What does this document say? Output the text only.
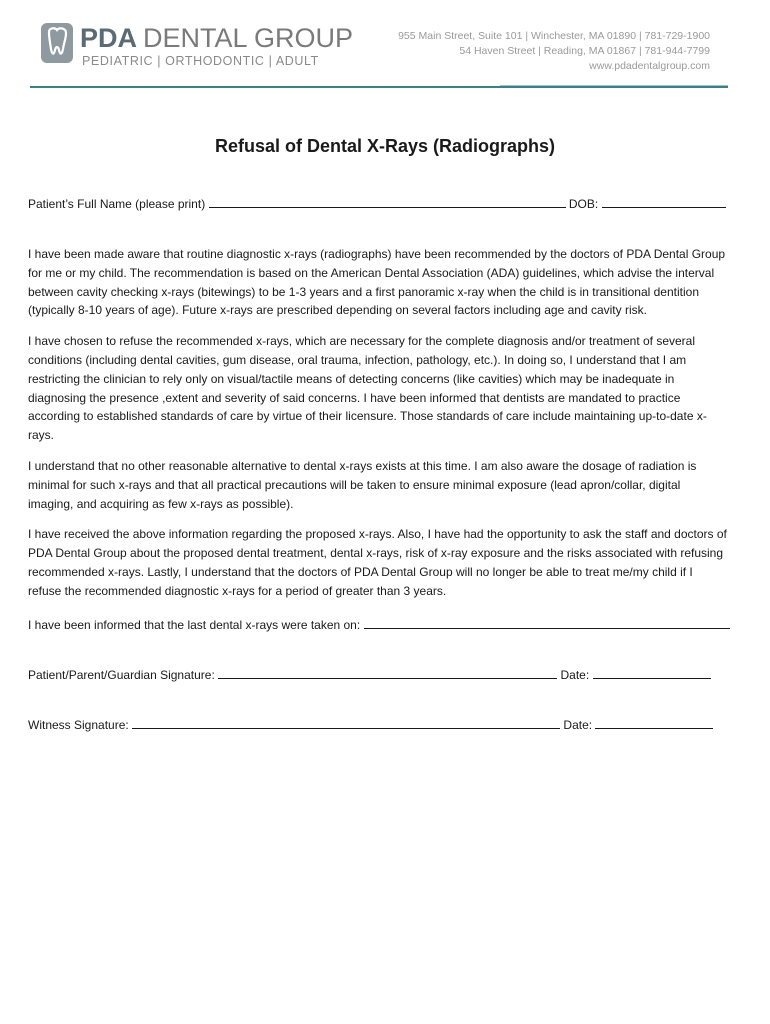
PDA DENTAL GROUP
PEDIATRIC | ORTHODONTIC | ADULT
955 Main Street, Suite 101 | Winchester, MA 01890 | 781-729-1900
54 Haven Street | Reading, MA 01867 | 781-944-7799
www.pdadentalgroup.com
Refusal of Dental X-Rays (Radiographs)
Patient’s Full Name (please print)	DOB:

I have been made aware that routine diagnostic x-rays (radiographs) have been recommended by the doctors of PDA Dental Group for me or my child. The recommendation is based on the American Dental Association (ADA) guidelines, which advise the interval between cavity checking x-rays (bitewings) to be 1-3 years and a first panoramic x-ray when the child is in transitional dentition (typically 8-10 years of age). Future x-rays are prescribed depending on several factors including age and cavity risk.

I have chosen to refuse the recommended x-rays, which are necessary for the complete diagnosis and/or treatment of several conditions (including dental cavities, gum disease, oral trauma, infection, pathology, etc.). In doing so, I understand that I am restricting the clinician to rely only on visual/tactile means of detecting concerns (like cavities) which may be inadequate in diagnosing the presence ,extent and severity of said concerns. I have been informed that dentists are mandated to practice according to established standards of care by virtue of their licensure. Those standards of care include maintaining up-to-date x-rays.

I understand that no other reasonable alternative to dental x-rays exists at this time. I am also aware the dosage of radiation is minimal for such x-rays and that all practical precautions will be taken to ensure minimal exposure (lead apron/collar, digital imaging, and acquiring as few x-rays as possible).

I have received the above information regarding the proposed x-rays. Also, I have had the opportunity to ask the staff and doctors of PDA Dental Group about the proposed dental treatment, dental x-rays, risk of x-ray exposure and the risks associated with refusing recommended x-rays. Lastly, I understand that the doctors of PDA Dental Group will no longer be able to treat me/my child if I refuse the recommended diagnostic x-rays for a period of greater than 3 years.

I have been informed that the last dental x-rays were taken on:
Patient/Parent/Guardian Signature:	Date:
Witness Signature:	Date:
